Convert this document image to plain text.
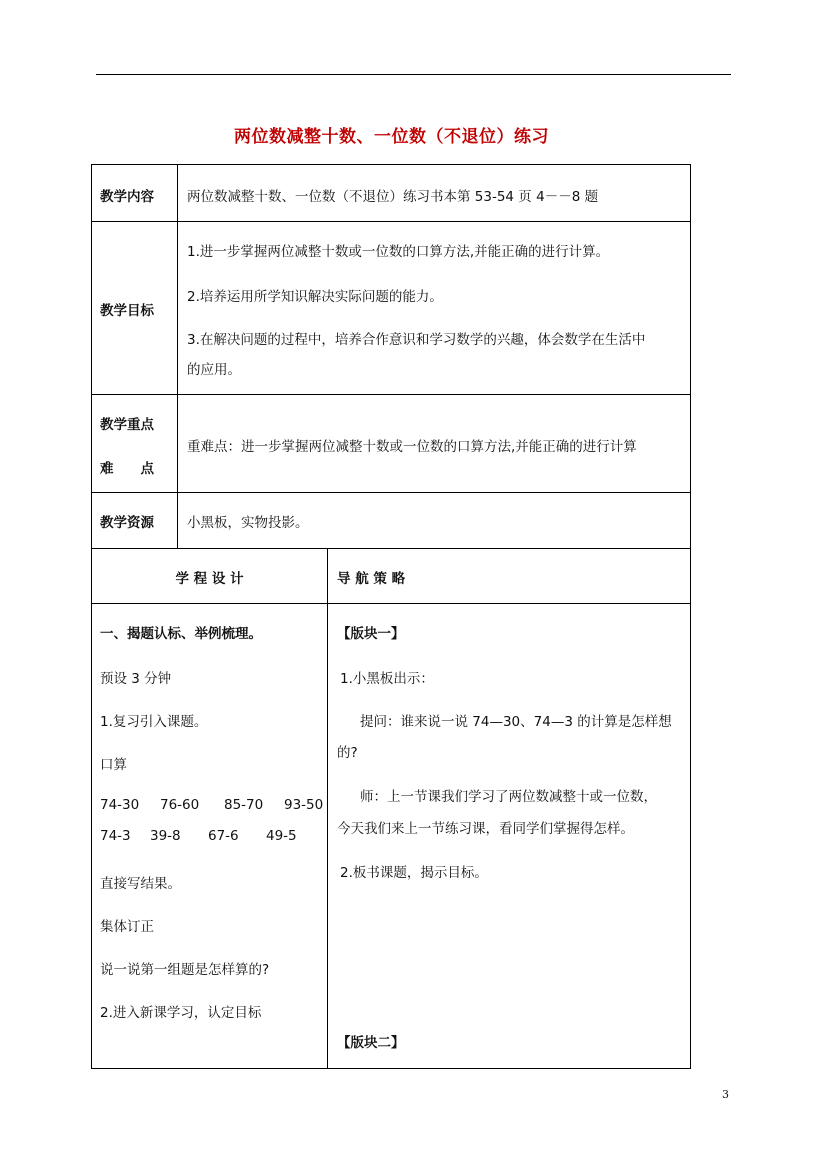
两位数减整十数、一位数（不退位）练习
教学内容 两位数减整十数、一位数（不退位）练习书本第 53-54 页 4－－8 题
教学目标
1.进一步掌握两位减整十数或一位数的口算方法,并能正确的进行计算。
2.培养运用所学知识解决实际问题的能力。
3.在解决问题的过程中，培养合作意识和学习数学的兴趣，体会数学在生活中
的应用。
教学重点
难　　点
重难点：进一步掌握两位减整十数或一位数的口算方法,并能正确的进行计算
教学资源 小黑板，实物投影。
学 程 设 计	导 航 策 略
一、揭题认标、举例梳理。
预设 3 分钟
1.复习引入课题。
口算
74-30 76-60 85-70 93-50
74-3 39-8 67-6 49-5
直接写结果。
集体订正
说一说第一组题是怎样算的?
2.进入新课学习，认定目标
【版块一】
1.小黑板出示：
提问：谁来说一说 74—30、74—3 的计算是怎样想
的?
师：上一节课我们学习了两位数减整十或一位数，
今天我们来上一节练习课，看同学们掌握得怎样。
2.板书课题，揭示目标。
【版块二】
3
